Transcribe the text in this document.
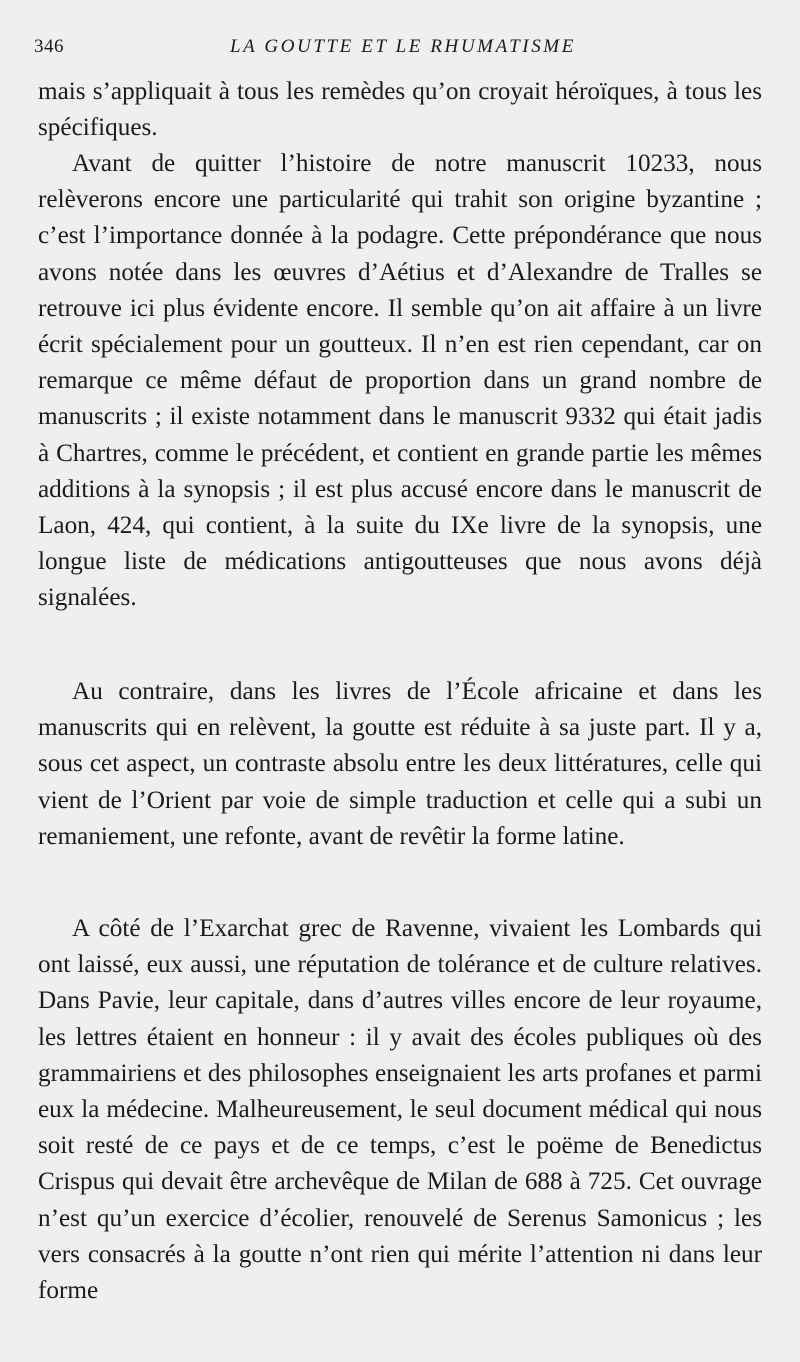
346	LA GOUTTE ET LE RHUMATISME

mais s’appliquait à tous les remèdes qu’on croyait héroïques, à tous les spécifiques.

Avant de quitter l’histoire de notre manuscrit 10233, nous relèverons encore une particularité qui trahit son origine byzantine ; c’est l’importance donnée à la podagre. Cette prépondérance que nous avons notée dans les œuvres d’Aétius et d’Alexandre de Tralles se retrouve ici plus évidente encore. Il semble qu’on ait affaire à un livre écrit spécialement pour un goutteux. Il n’en est rien cependant, car on remarque ce même défaut de proportion dans un grand nombre de manuscrits ; il existe notamment dans le manuscrit 9332 qui était jadis à Chartres, comme le précédent, et contient en grande partie les mêmes additions à la synopsis ; il est plus accusé encore dans le manuscrit de Laon, 424, qui contient, à la suite du IXe livre de la synopsis, une longue liste de médications antigoutteuses que nous avons déjà signalées.

Au contraire, dans les livres de l’École africaine et dans les manuscrits qui en relèvent, la goutte est réduite à sa juste part. Il y a, sous cet aspect, un contraste absolu entre les deux littératures, celle qui vient de l’Orient par voie de simple traduction et celle qui a subi un remaniement, une refonte, avant de revêtir la forme latine.

A côté de l’Exarchat grec de Ravenne, vivaient les Lombards qui ont laissé, eux aussi, une réputation de tolérance et de culture relatives. Dans Pavie, leur capitale, dans d’autres villes encore de leur royaume, les lettres étaient en honneur : il y avait des écoles publiques où des grammairiens et des philosophes enseignaient les arts profanes et parmi eux la médecine. Malheureusement, le seul document médical qui nous soit resté de ce pays et de ce temps, c’est le poëme de Benedictus Crispus qui devait être archevêque de Milan de 688 à 725. Cet ouvrage n’est qu’un exercice d’écolier, renouvelé de Serenus Samonicus ; les vers consacrés à la goutte n’ont rien qui mérite l’attention ni dans leur forme
